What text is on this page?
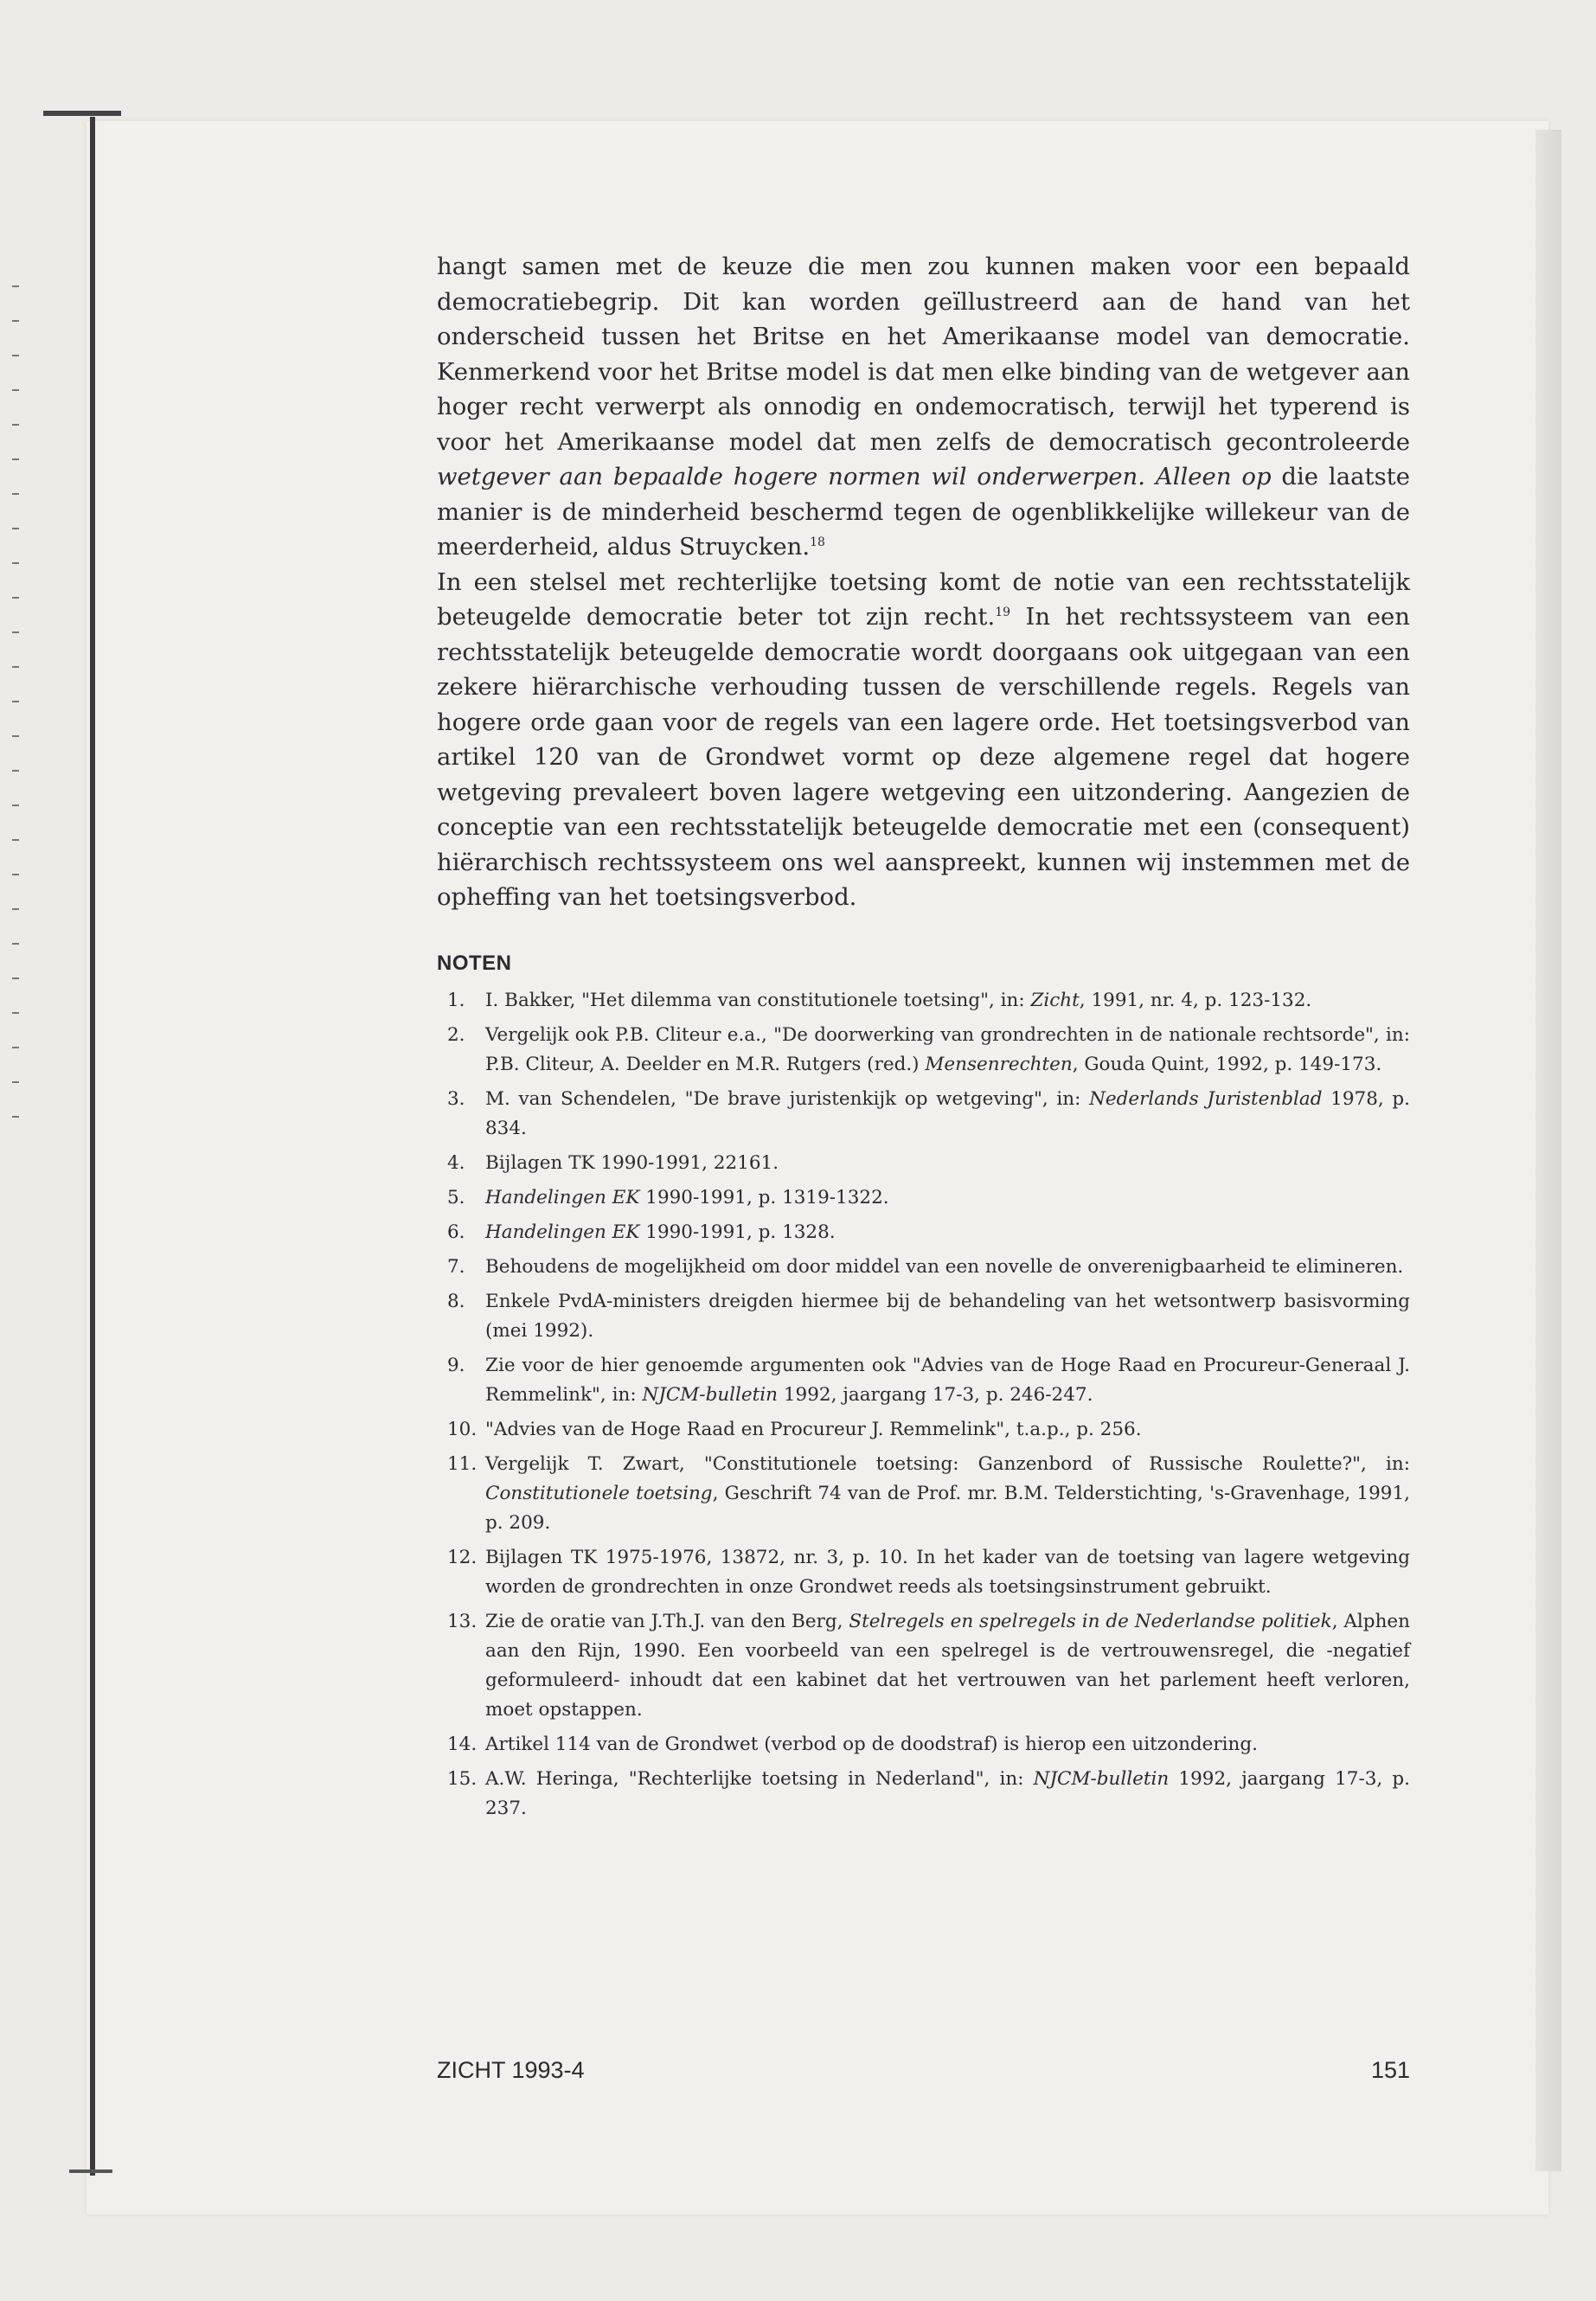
hangt samen met de keuze die men zou kunnen maken voor een bepaald democratiebegrip. Dit kan worden geïllustreerd aan de hand van het onderscheid tussen het Britse en het Amerikaanse model van democratie. Kenmerkend voor het Britse model is dat men elke binding van de wetgever aan hoger recht verwerpt als onnodig en ondemocratisch, terwijl het typerend is voor het Amerikaanse model dat men zelfs de democratisch gecontroleerde wetgever aan bepaalde hogere normen wil onderwerpen. Alleen op die laatste manier is de minderheid beschermd tegen de ogenblikkelijke willekeur van de meerderheid, aldus Struycken.$^{18}$

In een stelsel met rechterlijke toetsing komt de notie van een rechtsstatelijk beteugelde democratie beter tot zijn recht.$^{19}$ In het rechtssysteem van een rechtsstatelijk beteugelde democratie wordt doorgaans ook uitgegaan van een zekere hiërarchische verhouding tussen de verschillende regels. Regels van hogere orde gaan voor de regels van een lagere orde. Het toetsingsverbod van artikel 120 van de Grondwet vormt op deze algemene regel dat hogere wetgeving prevaleert boven lagere wetgeving een uitzondering. Aangezien de conceptie van een rechtsstatelijk beteugelde democratie met een (consequent) hiërarchisch rechtssysteem ons wel aanspreekt, kunnen wij instemmen met de opheffing van het toetsingsverbod.

NOTEN
1.	I. Bakker, "Het dilemma van constitutionele toetsing", in: Zicht, 1991, nr. 4, p. 123-132.
2.	Vergelijk ook P.B. Cliteur e.a., "De doorwerking van grondrechten in de nationale rechtsorde", in: P.B. Cliteur, A. Deelder en M.R. Rutgers (red.) Mensenrechten, Gouda Quint, 1992, p. 149-173.
3.	M. van Schendelen, "De brave juristenkijk op wetgeving", in: Nederlands Juristenblad 1978, p. 834.
4.	Bijlagen TK 1990-1991, 22161.
5.	Handelingen EK 1990-1991, p. 1319-1322.
6.	Handelingen EK 1990-1991, p. 1328.
7.	Behoudens de mogelijkheid om door middel van een novelle de onverenigbaarheid te elimineren.
8.	Enkele PvdA-ministers dreigden hiermee bij de behandeling van het wetsontwerp basisvorming (mei 1992).
9.	Zie voor de hier genoemde argumenten ook "Advies van de Hoge Raad en Procureur-Generaal J. Remmelink", in: NJCM-bulletin 1992, jaargang 17-3, p. 246-247.
10. "Advies van de Hoge Raad en Procureur J. Remmelink", t.a.p., p. 256.
11. Vergelijk T. Zwart, "Constitutionele toetsing: Ganzenbord of Russische Roulette?", in: Constitutionele toetsing, Geschrift 74 van de Prof. mr. B.M. Telderstichting, 's-Gravenhage, 1991, p. 209.
12. Bijlagen TK 1975-1976, 13872, nr. 3, p. 10. In het kader van de toetsing van lagere wetgeving worden de grondrechten in onze Grondwet reeds als toetsingsinstrument gebruikt.
13. Zie de oratie van J.Th.J. van den Berg, Stelregels en spelregels in de Nederlandse politiek, Alphen aan den Rijn, 1990. Een voorbeeld van een spelregel is de vertrouwensregel, die -negatief geformuleerd- inhoudt dat een kabinet dat het vertrouwen van het parlement heeft verloren, moet opstappen.
14. Artikel 114 van de Grondwet (verbod op de doodstraf) is hierop een uitzondering.
15. A.W. Heringa, "Rechterlijke toetsing in Nederland", in: NJCM-bulletin 1992, jaargang 17-3, p. 237.
ZICHT 1993-4	151
